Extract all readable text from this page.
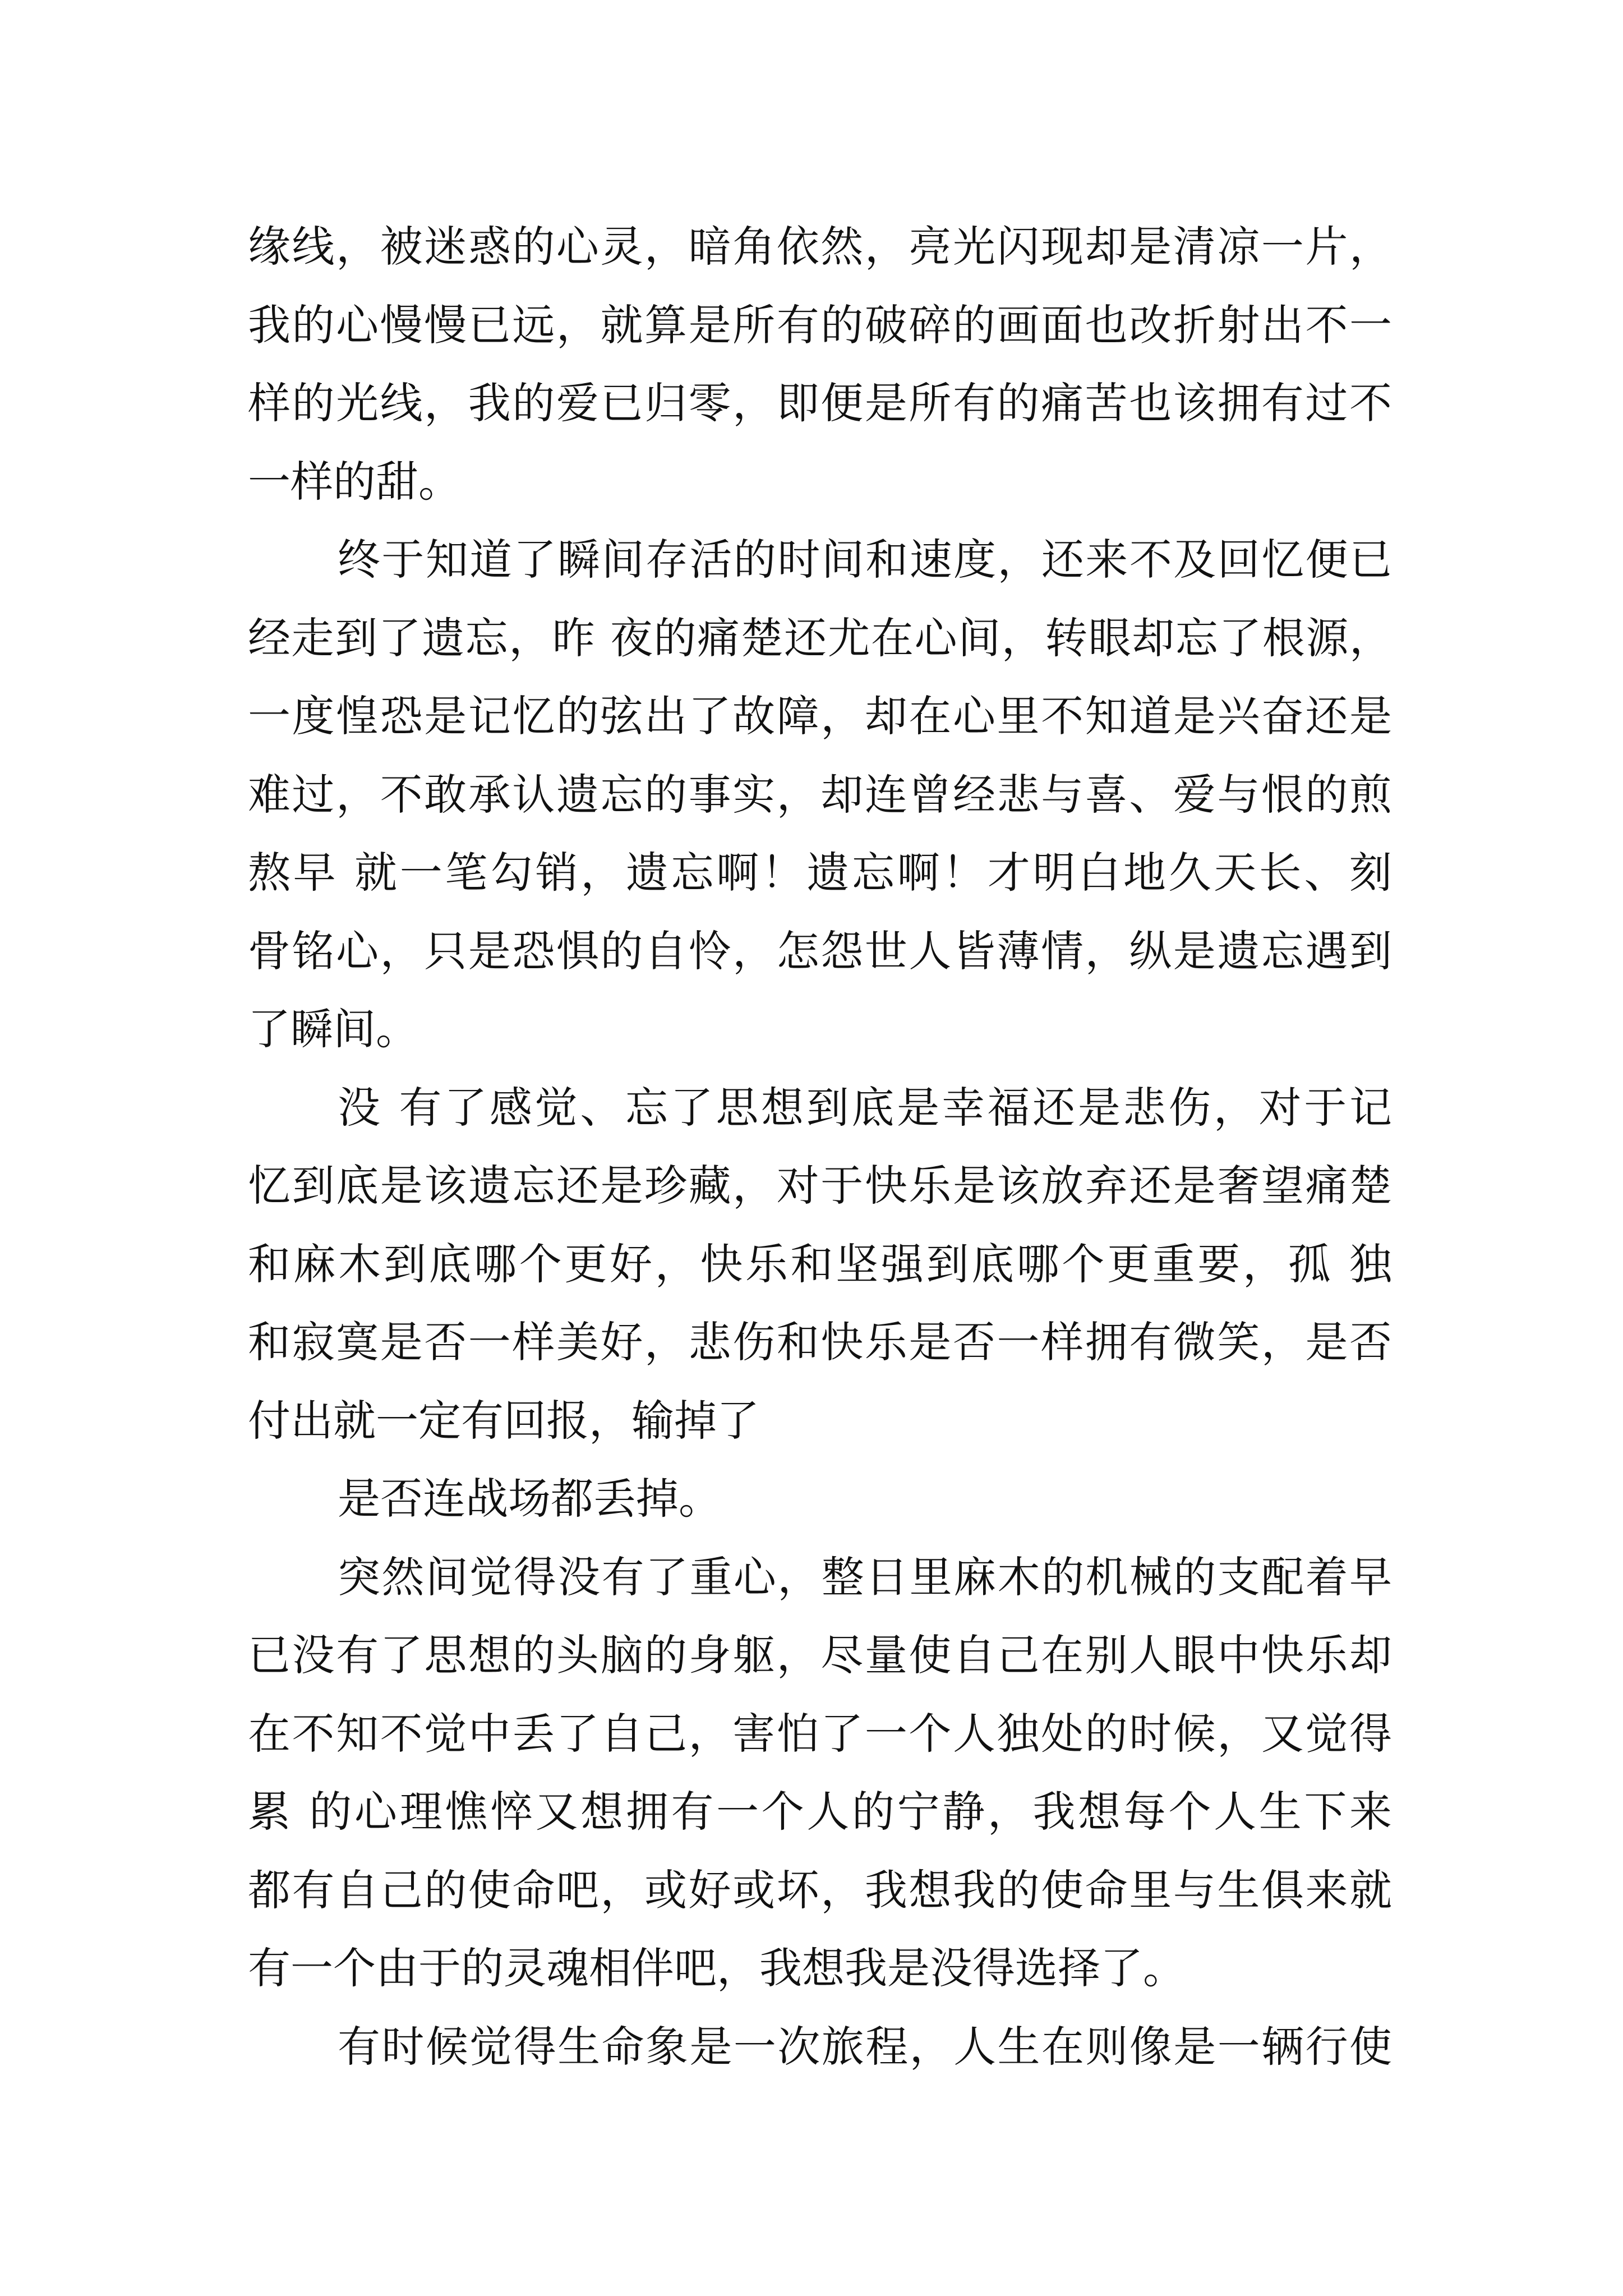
缘线，被迷惑的心灵，暗角依然，亮光闪现却是清凉一片，
我的心慢慢已远，就算是所有的破碎的画面也改折射出不一
样的光线，我的爱已归零，即便是所有的痛苦也该拥有过不
一样的甜。
终于知道了瞬间存活的时间和速度，还来不及回忆便已
经走到了遗忘，昨 夜的痛楚还尤在心间，转眼却忘了根源，
一度惶恐是记忆的弦出了故障，却在心里不知道是兴奋还是
难过，不敢承认遗忘的事实，却连曾经悲与喜、爱与恨的煎
熬早 就一笔勾销，遗忘啊！遗忘啊！才明白地久天长、刻
骨铭心，只是恐惧的自怜，怎怨世人皆薄情，纵是遗忘遇到
了瞬间。
没 有了感觉、忘了思想到底是幸福还是悲伤，对于记
忆到底是该遗忘还是珍藏，对于快乐是该放弃还是奢望痛楚
和麻木到底哪个更好，快乐和坚强到底哪个更重要，孤 独
和寂寞是否一样美好，悲伤和快乐是否一样拥有微笑，是否
付出就一定有回报，输掉了
是否连战场都丢掉。
突然间觉得没有了重心，整日里麻木的机械的支配着早
已没有了思想的头脑的身躯，尽量使自己在别人眼中快乐却
在不知不觉中丢了自己，害怕了一个人独处的时候，又觉得
累 的心理憔悴又想拥有一个人的宁静，我想每个人生下来
都有自己的使命吧，或好或坏，我想我的使命里与生俱来就
有一个由于的灵魂相伴吧，我想我是没得选择了。
有时候觉得生命象是一次旅程，人生在则像是一辆行使
